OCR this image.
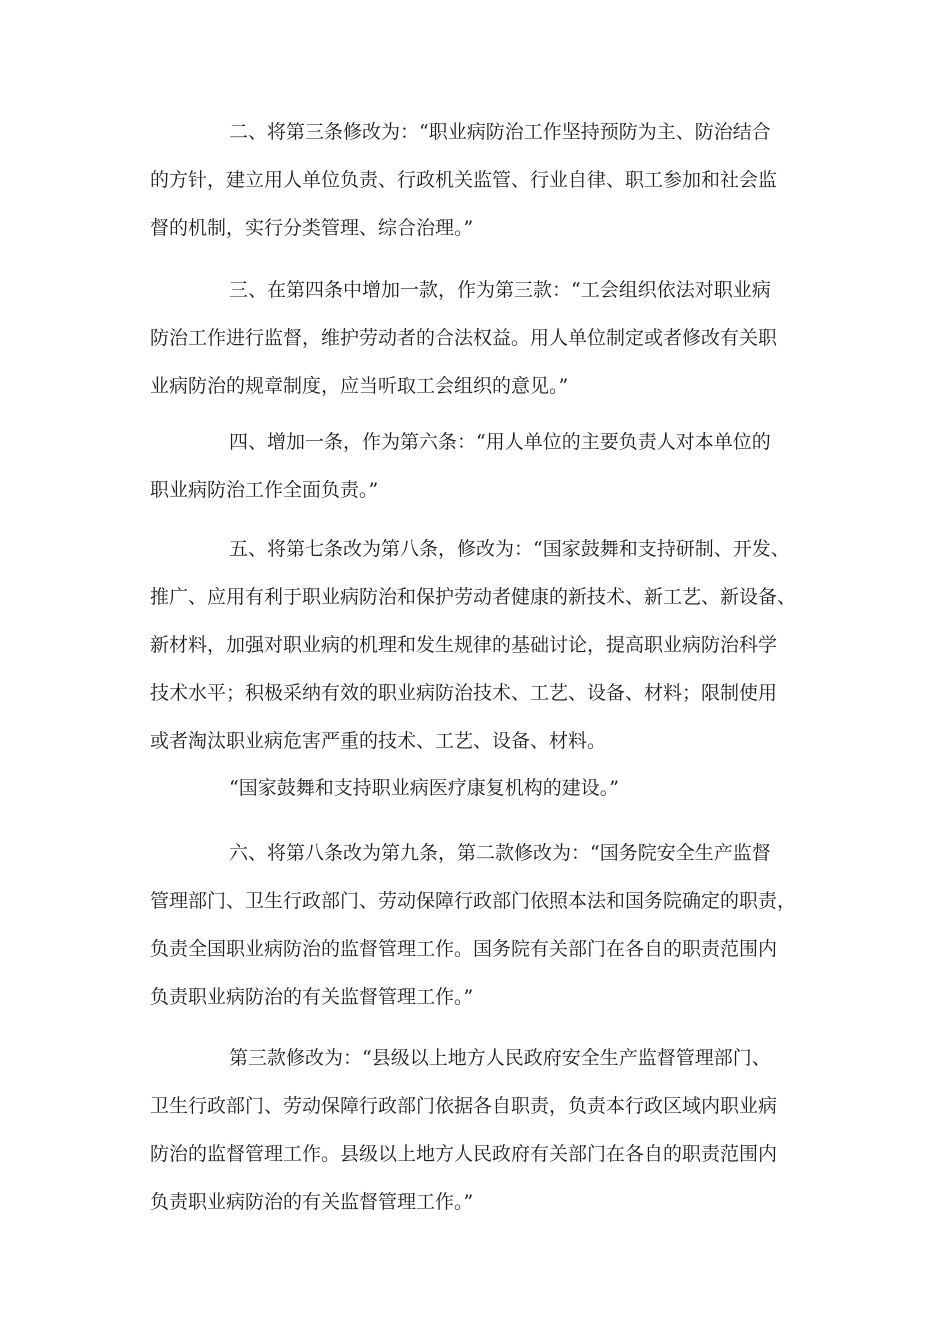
二、将第三条修改为：“职业病防治工作坚持预防为主、防治结合
的方针，建立用人单位负责、行政机关监管、行业自律、职工参加和社会监
督的机制，实行分类管理、综合治理。”
三、在第四条中增加一款，作为第三款：“工会组织依法对职业病
防治工作进行监督，维护劳动者的合法权益。用人单位制定或者修改有关职
业病防治的规章制度，应当听取工会组织的意见。”
四、增加一条，作为第六条：“用人单位的主要负责人对本单位的
职业病防治工作全面负责。”
五、将第七条改为第八条，修改为：“国家鼓舞和支持研制、开发、
推广、应用有利于职业病防治和保护劳动者健康的新技术、新工艺、新设备、
新材料，加强对职业病的机理和发生规律的基础讨论，提高职业病防治科学
技术水平；积极采纳有效的职业病防治技术、工艺、设备、材料；限制使用
或者淘汰职业病危害严重的技术、工艺、设备、材料。
“国家鼓舞和支持职业病医疗康复机构的建设。”
六、将第八条改为第九条，第二款修改为：“国务院安全生产监督
管理部门、卫生行政部门、劳动保障行政部门依照本法和国务院确定的职责，
负责全国职业病防治的监督管理工作。国务院有关部门在各自的职责范围内
负责职业病防治的有关监督管理工作。”
第三款修改为：“县级以上地方人民政府安全生产监督管理部门、
卫生行政部门、劳动保障行政部门依据各自职责，负责本行政区域内职业病
防治的监督管理工作。县级以上地方人民政府有关部门在各自的职责范围内
负责职业病防治的有关监督管理工作。”
